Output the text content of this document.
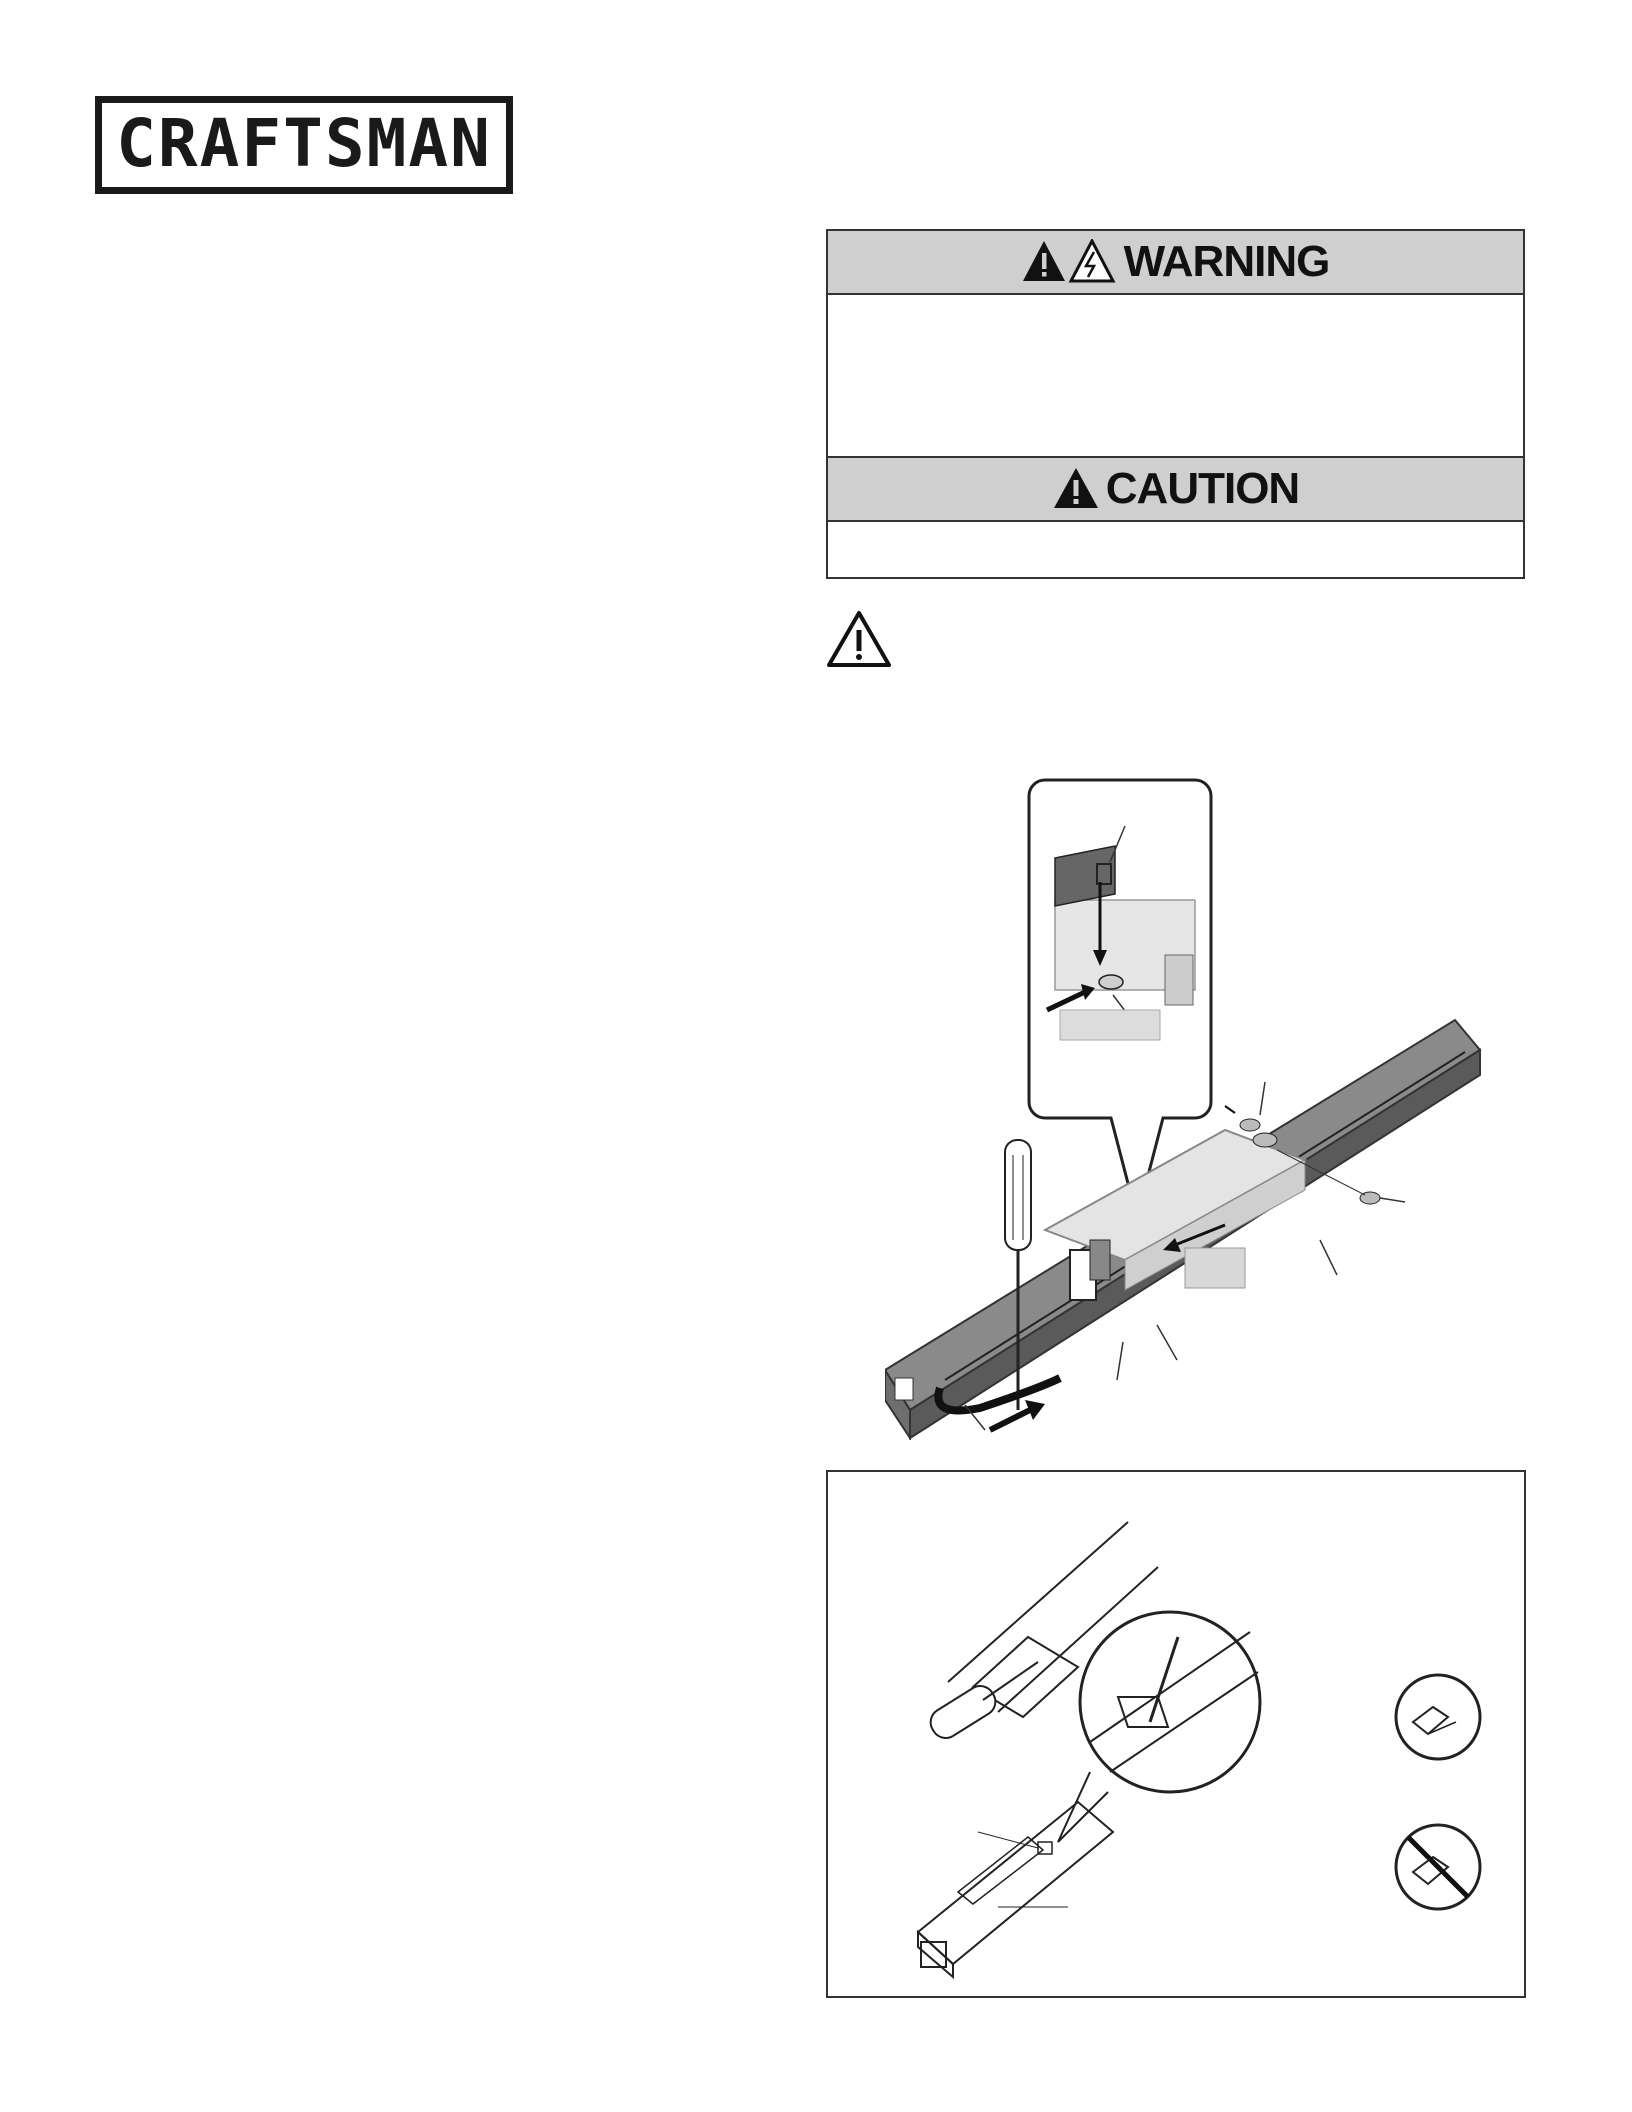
CRAFTSMAN
WARNING
CAUTION
